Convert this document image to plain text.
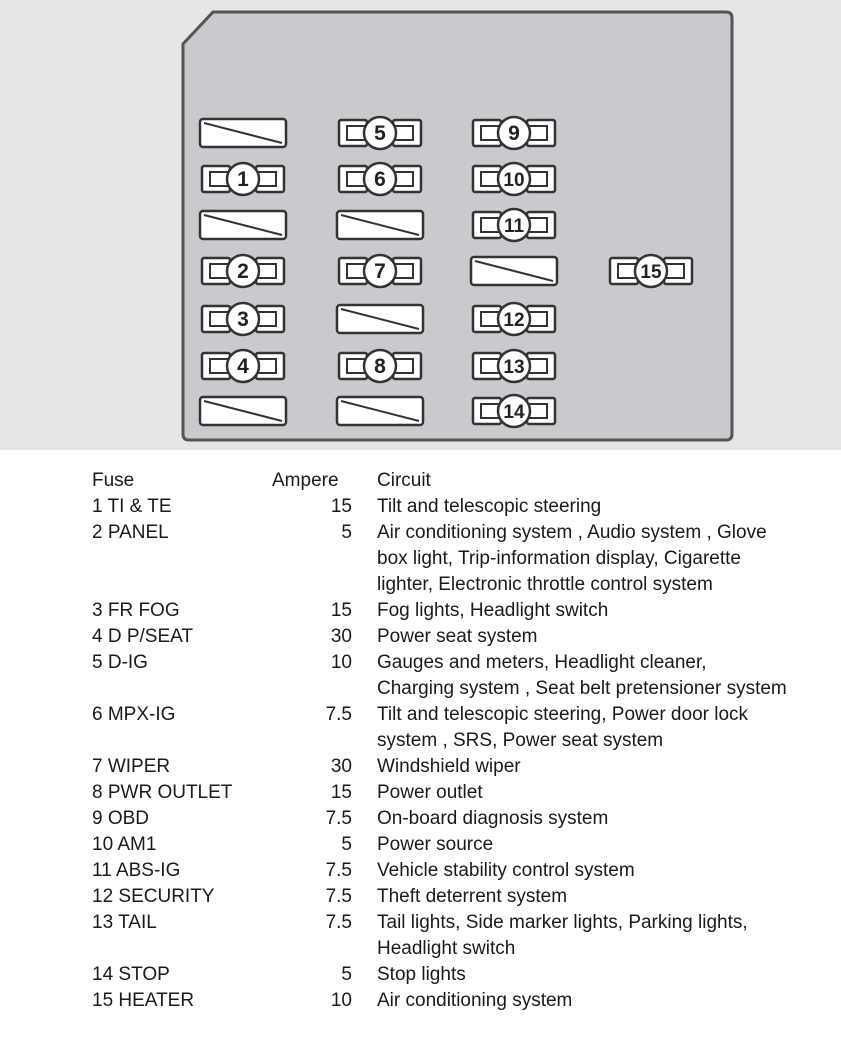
1
2
3
4
5
6
7
8
9
10
11
12
13
14
15
Fuse	Ampere	Circuit
1 TI & TE	15 Tilt and telescopic steering
2 PANEL	5 Air conditioning system , Audio system , Glove
box light, Trip-information display, Cigarette
lighter, Electronic throttle control system
3 FR FOG	15 Fog lights, Headlight switch
4 D P/SEAT	30 Power seat system
5 D-IG	10 Gauges and meters, Headlight cleaner,
Charging system , Seat belt pretensioner system
6 MPX-IG	7.5 Tilt and telescopic steering, Power door lock
system , SRS, Power seat system
7 WIPER	30 Windshield wiper
8 PWR OUTLET	15 Power outlet
9 OBD	7.5 On-board diagnosis system
10 AM1	5 Power source
11 ABS-IG	7.5 Vehicle stability control system
12 SECURITY	7.5 Theft deterrent system
13 TAIL	7.5 Tail lights, Side marker lights, Parking lights,
Headlight switch
14 STOP	5 Stop lights
15 HEATER	10 Air conditioning system
